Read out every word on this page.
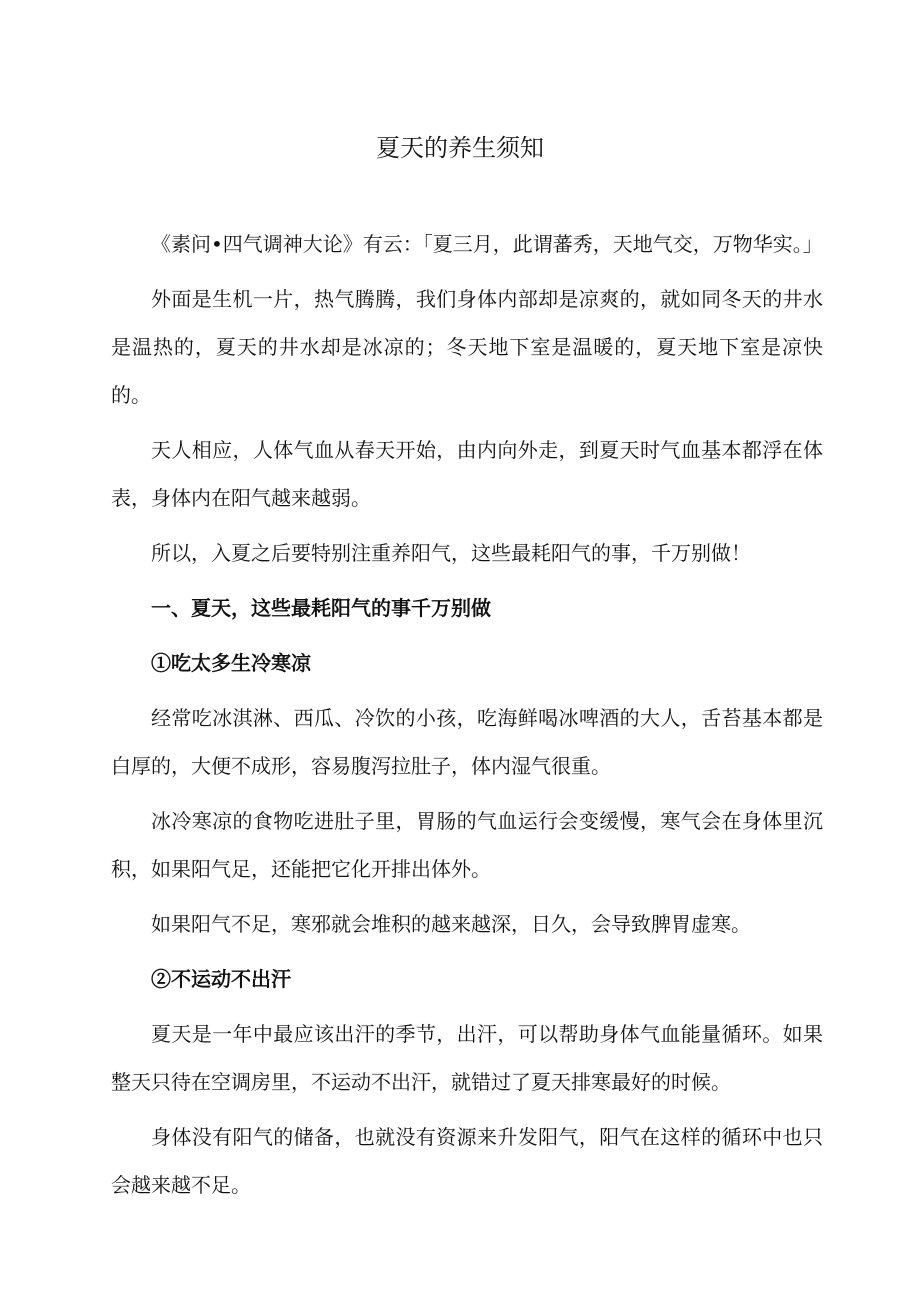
夏天的养生须知

《素问•四气调神大论》有云：「夏三月，此谓蕃秀，天地气交，万物华实。」

外面是生机一片，热气腾腾，我们身体内部却是凉爽的，就如同冬天的井水是温热的，夏天的井水却是冰凉的；冬天地下室是温暖的，夏天地下室是凉快的。

天人相应，人体气血从春天开始，由内向外走，到夏天时气血基本都浮在体表，身体内在阳气越来越弱。

所以，入夏之后要特别注重养阳气，这些最耗阳气的事，千万别做！

一、夏天，这些最耗阳气的事千万别做

①吃太多生冷寒凉

经常吃冰淇淋、西瓜、冷饮的小孩，吃海鲜喝冰啤酒的大人，舌苔基本都是白厚的，大便不成形，容易腹泻拉肚子，体内湿气很重。

冰冷寒凉的食物吃进肚子里，胃肠的气血运行会变缓慢，寒气会在身体里沉积，如果阳气足，还能把它化开排出体外。

如果阳气不足，寒邪就会堆积的越来越深，日久，会导致脾胃虚寒。

②不运动不出汗

夏天是一年中最应该出汗的季节，出汗，可以帮助身体气血能量循环。如果整天只待在空调房里，不运动不出汗，就错过了夏天排寒最好的时候。

身体没有阳气的储备，也就没有资源来升发阳气，阳气在这样的循环中也只会越来越不足。
